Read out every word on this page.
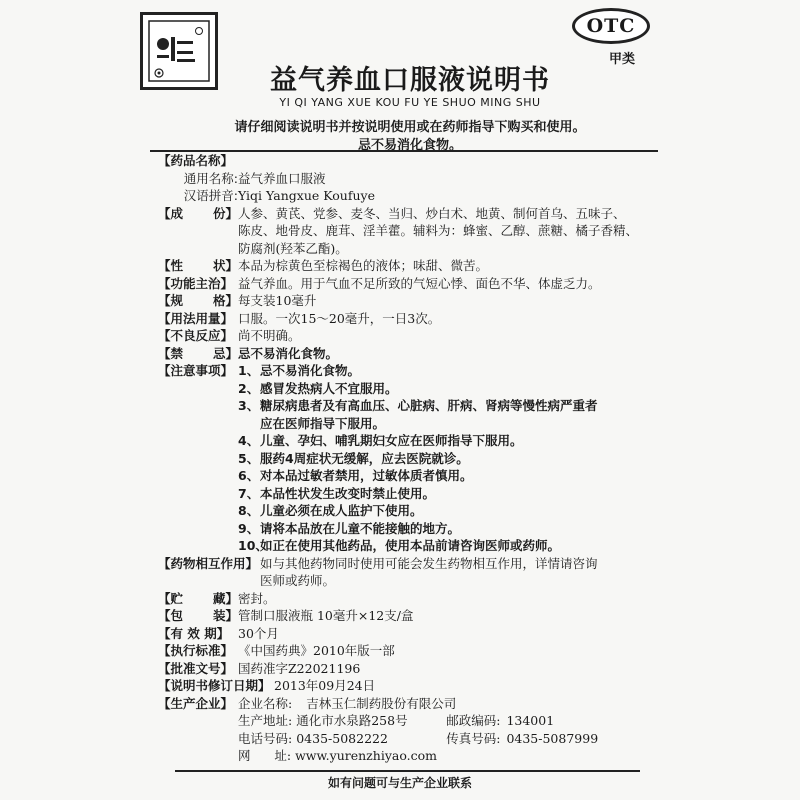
OTC
甲类
益气养血口服液说明书
YI QI YANG XUE KOU FU YE SHUO MING SHU
请仔细阅读说明书并按说明使用或在药师指导下购买和使用。
忌不易消化食物。
【药品名称】
通用名称: 益气养血口服液
汉语拼音: Yiqi Yangxue Koufuye
【成 份】 人参、黄芪、党参、麦冬、当归、炒白术、地黄、制何首乌、五味子、
陈皮、地骨皮、鹿茸、淫羊藿。辅料为：蜂蜜、乙醇、蔗糖、橘子香精、
防腐剂(羟苯乙酯)。
【性 状】 本品为棕黄色至棕褐色的液体；味甜、微苦。
【功能主治】 益气养血。用于气血不足所致的气短心悸、面色不华、体虚乏力。
【规 格】 每支装10毫升
【用法用量】 口服。一次15～20毫升，一日3次。
【不良反应】 尚不明确。
【禁 忌】 忌不易消化食物。
【注意事项】 1、 忌不易消化食物。
2、 感冒发热病人不宜服用。
3、 糖尿病患者及有高血压、心脏病、肝病、肾病等慢性病严重者
应在医师指导下服用。
4、 儿童、孕妇、哺乳期妇女应在医师指导下服用。
5、 服药4周症状无缓解，应去医院就诊。
6、 对本品过敏者禁用，过敏体质者慎用。
7、 本品性状发生改变时禁止使用。
8、 儿童必须在成人监护下使用。
9、 请将本品放在儿童不能接触的地方。
10、
如正在使用其他药品，使用本品前请咨询医师或药师。
【药物相互作用】 如与其他药物同时使用可能会发生药物相互作用，详情请咨询
医师或药师。
【贮 藏】 密封。
【包 装】 管制口服液瓶 10毫升×12支/盒
【有 效 期】 30个月
【执行标准】 《中国药典》2010年版一部
【批准文号】 国药准字Z22021196
【说明书修订日期】 2013年09月24日
【生产企业】 企业名称: 吉林玉仁制药股份有限公司
生产地址: 通化市水泉路258号	邮政编码: 134001
电话号码: 0435-5082222	传真号码: 0435-5087999
网      址: www.yurenzhiyao.com
如有问题可与生产企业联系
